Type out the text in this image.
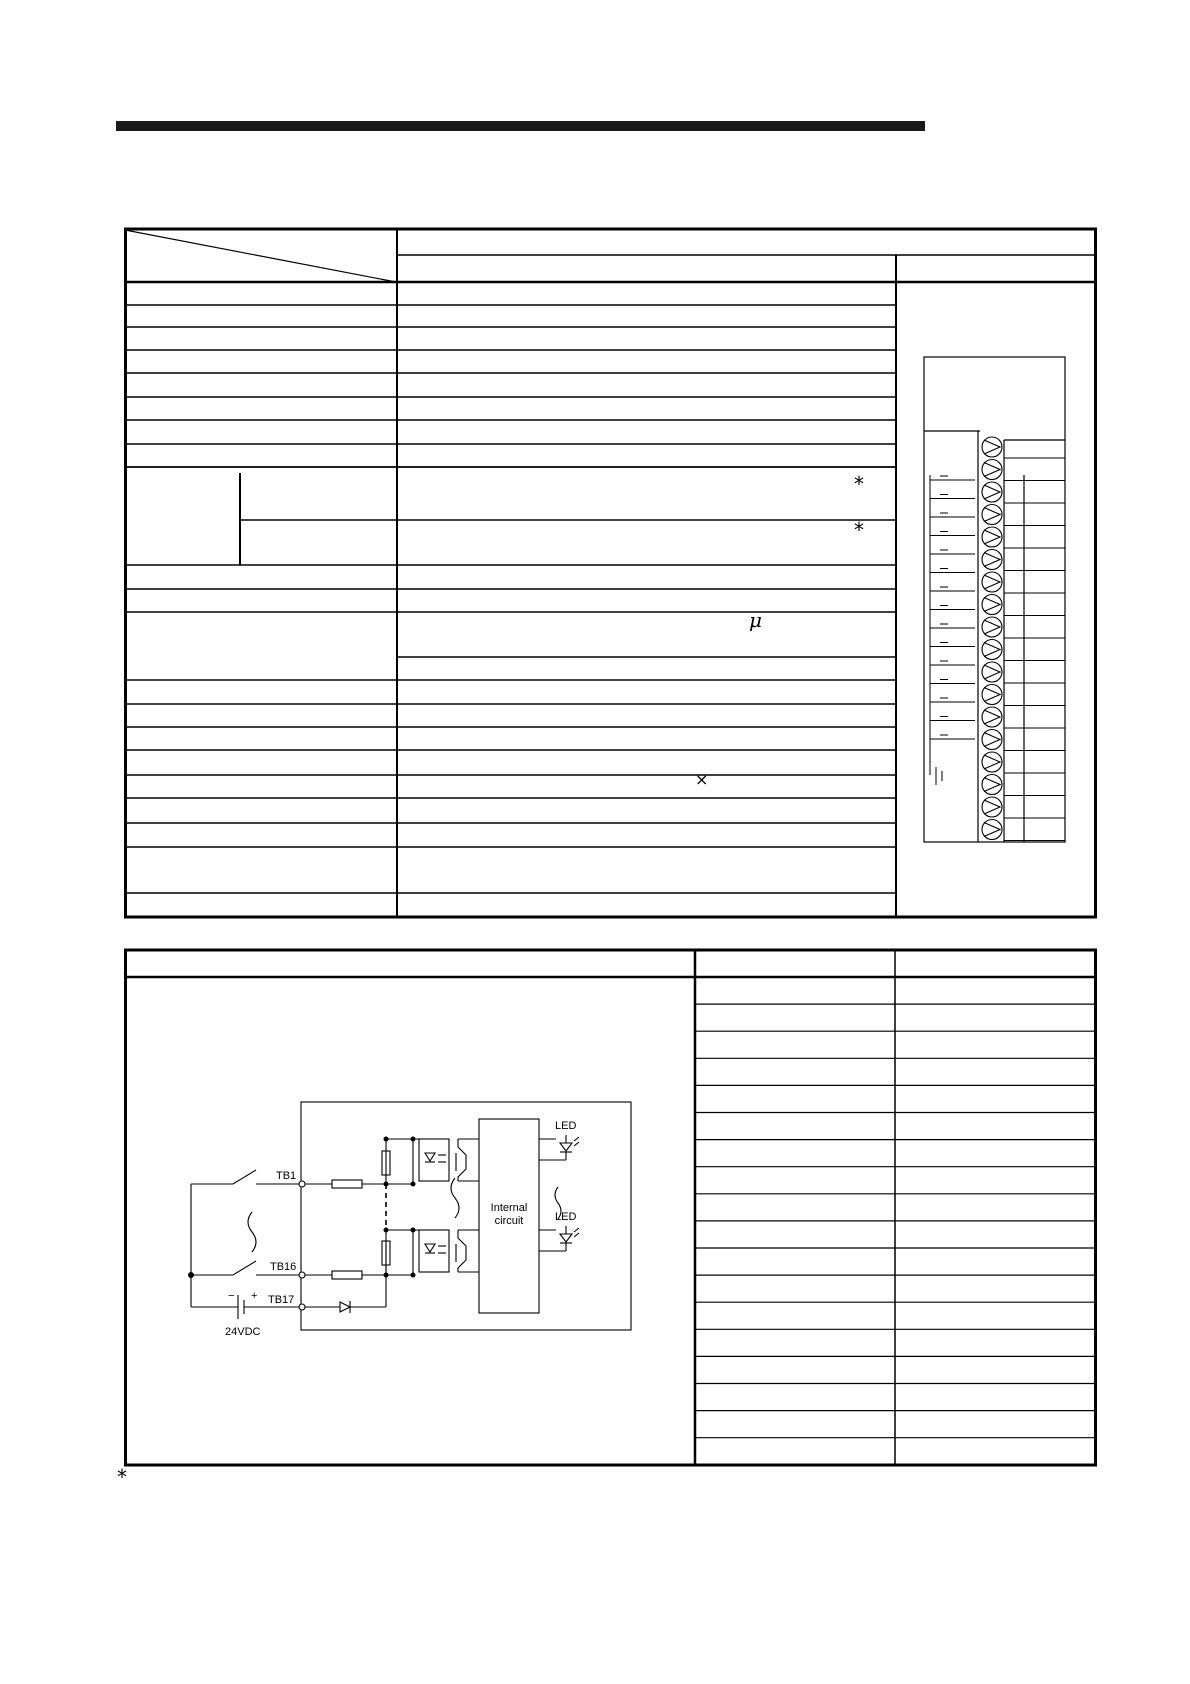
TB1
TB16
TB17
− +
24VDC
LED
LED
Internal
circuit
*
*
μ
×
*
